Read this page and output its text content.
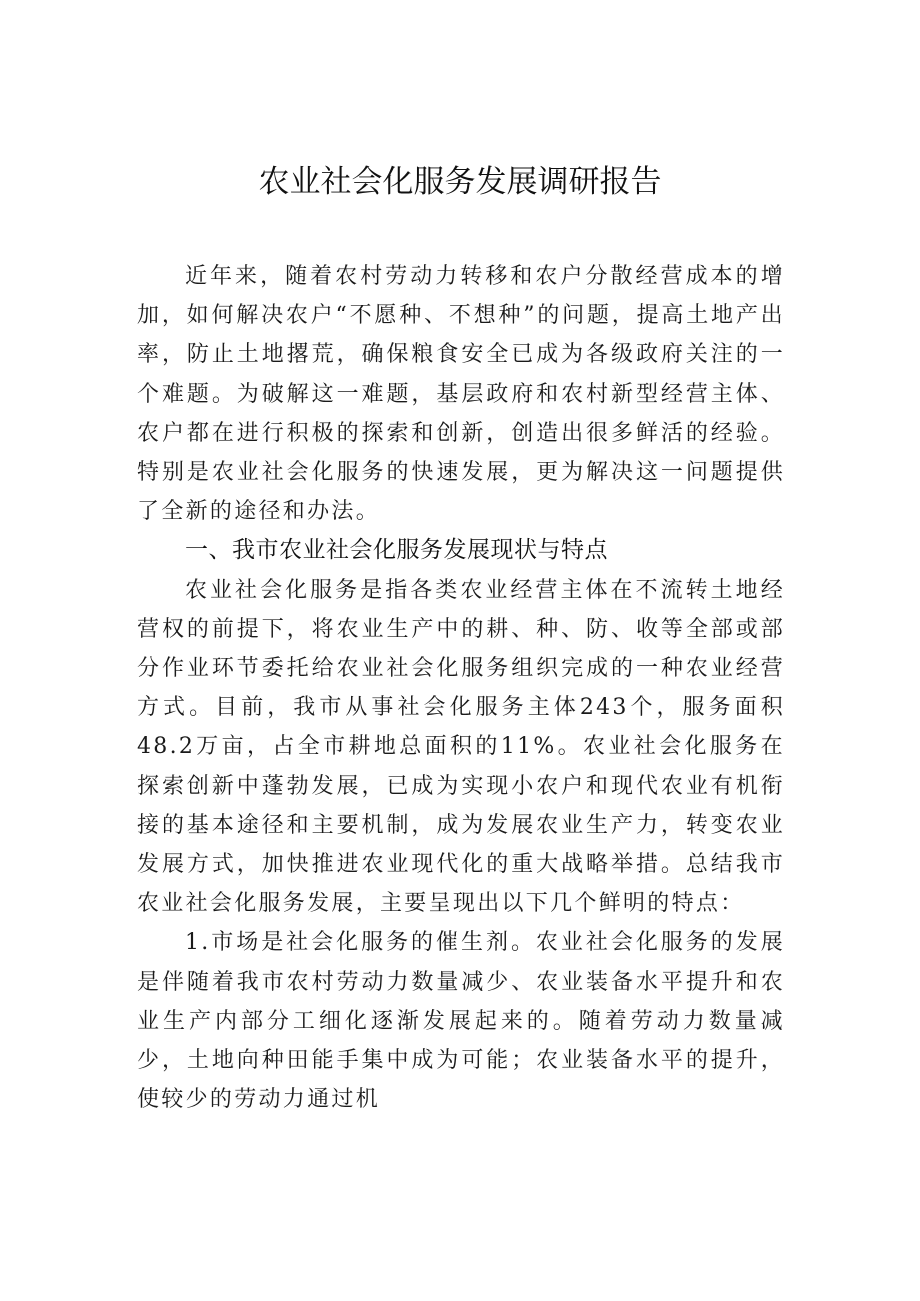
农业社会化服务发展调研报告

近年来，随着农村劳动力转移和农户分散经营成本的增加，如何解决农户“不愿种、不想种”的问题，提高土地产出率，防止土地撂荒，确保粮食安全已成为各级政府关注的一个难题。为破解这一难题，基层政府和农村新型经营主体、农户都在进行积极的探索和创新，创造出很多鲜活的经验。特别是农业社会化服务的快速发展，更为解决这一问题提供了全新的途径和办法。

一、我市农业社会化服务发展现状与特点

农业社会化服务是指各类农业经营主体在不流转土地经营权的前提下，将农业生产中的耕、种、防、收等全部或部分作业环节委托给农业社会化服务组织完成的一种农业经营方式。目前，我市从事社会化服务主体243个，服务面积48.2万亩，占全市耕地总面积的11%。农业社会化服务在探索创新中蓬勃发展，已成为实现小农户和现代农业有机衔接的基本途径和主要机制，成为发展农业生产力，转变农业发展方式，加快推进农业现代化的重大战略举措。总结我市农业社会化服务发展，主要呈现出以下几个鲜明的特点：

1.市场是社会化服务的催生剂。农业社会化服务的发展是伴随着我市农村劳动力数量减少、农业装备水平提升和农业生产内部分工细化逐渐发展起来的。随着劳动力数量减少，土地向种田能手集中成为可能；农业装备水平的提升，使较少的劳动力通过机
